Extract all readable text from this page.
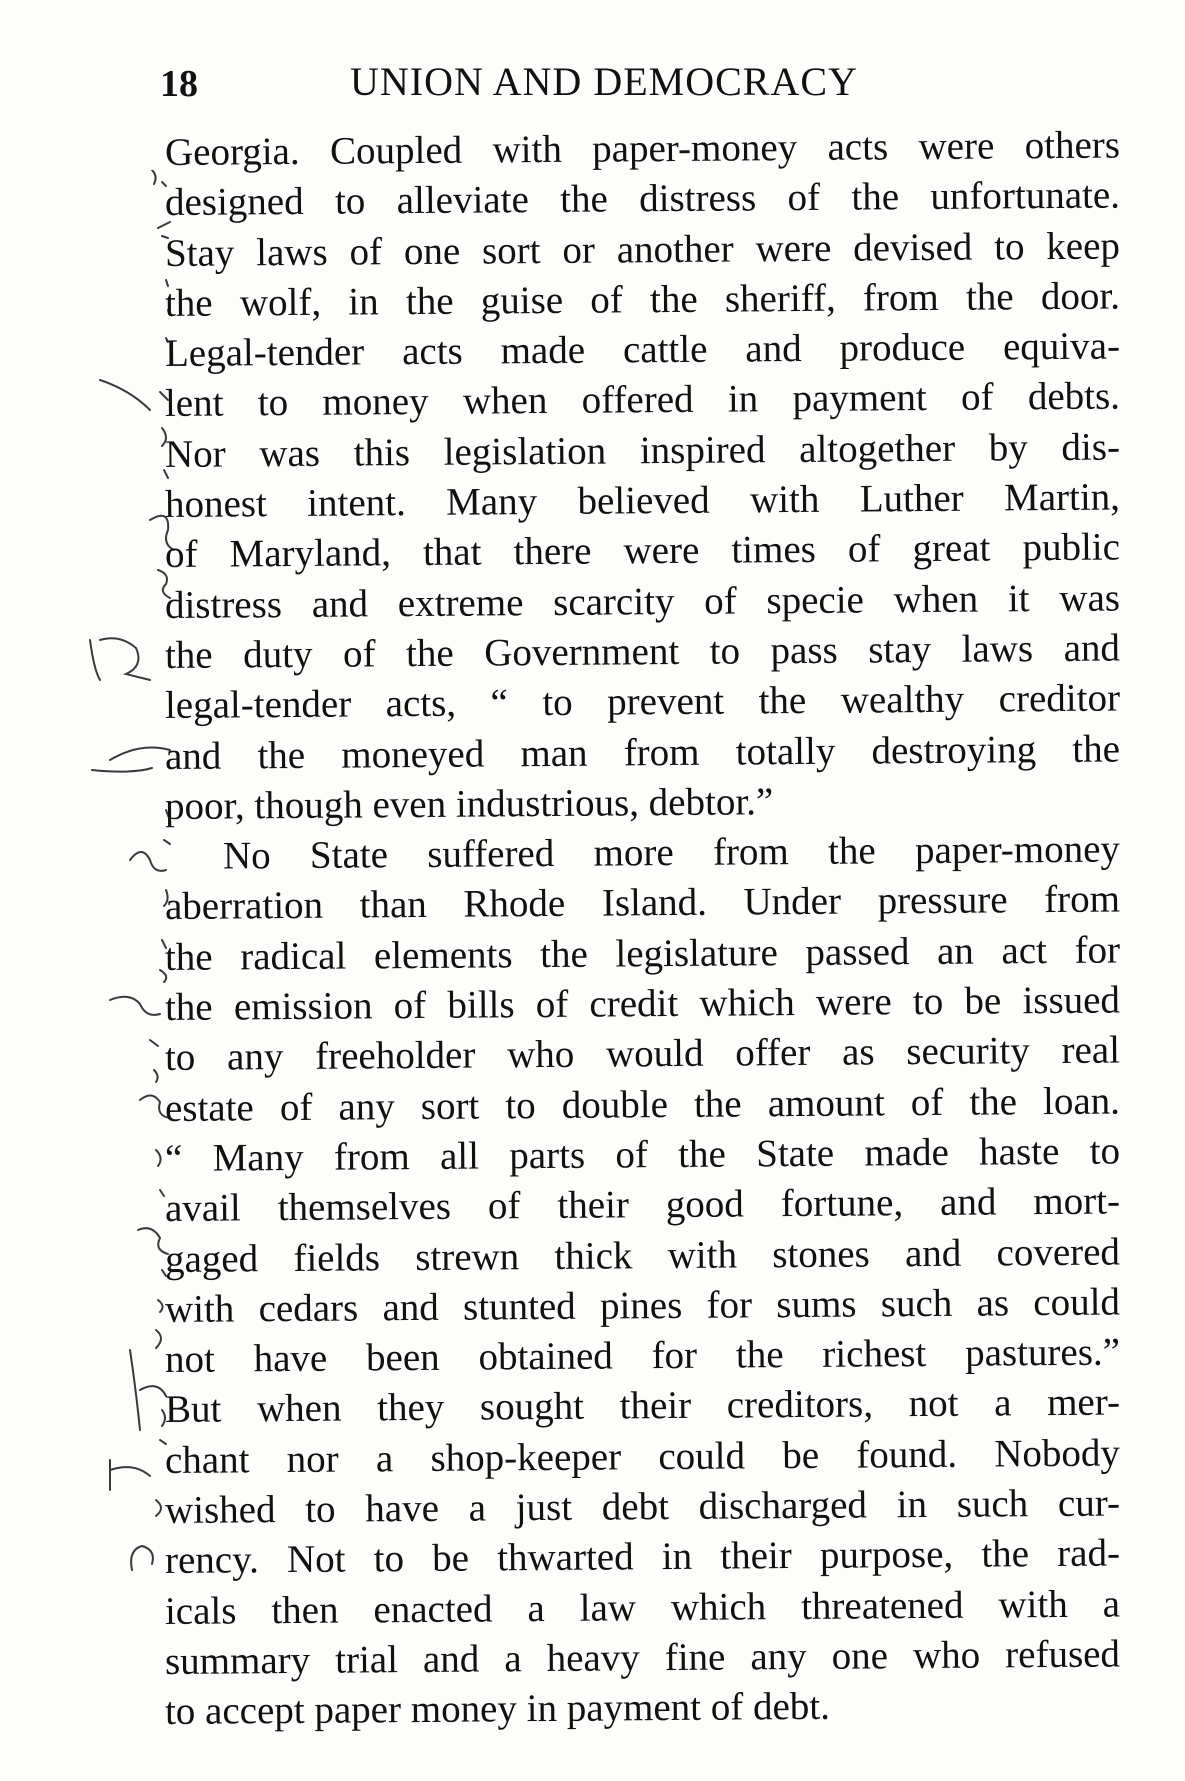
18	UNION AND DEMOCRACY
Georgia. Coupled with paper-money acts were others
designed to alleviate the distress of the unfortunate.
Stay laws of one sort or another were devised to keep
the wolf, in the guise of the sheriff, from the door.
Legal-tender acts made cattle and produce equiva-
lent to money when offered in payment of debts.
Nor was this legislation inspired altogether by dis-
honest intent. Many believed with Luther Martin,
of Maryland, that there were times of great public
distress and extreme scarcity of specie when it was
the duty of the Government to pass stay laws and
legal-tender acts, “ to prevent the wealthy creditor
and the moneyed man from totally destroying the
poor, though even industrious, debtor.”
No State suffered more from the paper-money
aberration than Rhode Island. Under pressure from
the radical elements the legislature passed an act for
the emission of bills of credit which were to be issued
to any freeholder who would offer as security real
estate of any sort to double the amount of the loan.
“ Many from all parts of the State made haste to
avail themselves of their good fortune, and mort-
gaged fields strewn thick with stones and covered
with cedars and stunted pines for sums such as could
not have been obtained for the richest pastures.”
But when they sought their creditors, not a mer-
chant nor a shop-keeper could be found. Nobody
wished to have a just debt discharged in such cur-
rency. Not to be thwarted in their purpose, the rad-
icals then enacted a law which threatened with a
summary trial and a heavy fine any one who refused
to accept paper money in payment of debt.
